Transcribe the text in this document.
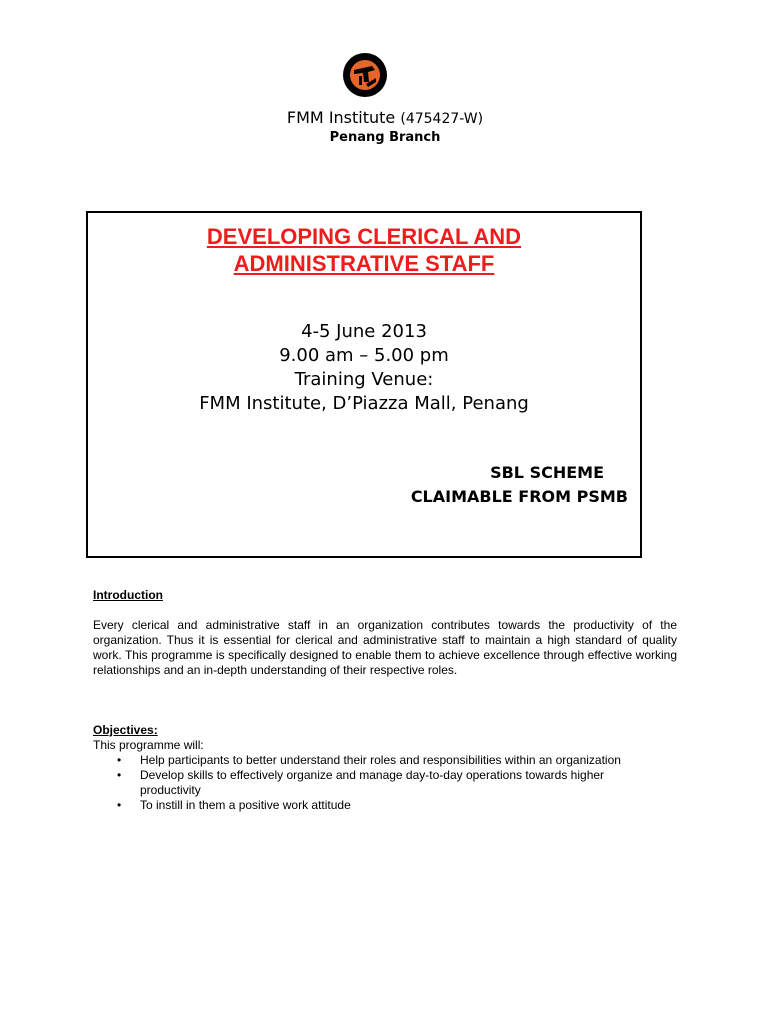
FMM Institute (475427-W)
Penang Branch
DEVELOPING CLERICAL AND
ADMINISTRATIVE STAFF
4-5 June 2013
9.00 am – 5.00 pm
Training Venue:
FMM Institute, D’Piazza Mall, Penang
SBL SCHEME
CLAIMABLE FROM PSMB
Introduction
Every clerical and administrative staff in an organization contributes towards the productivity of the organization. Thus it is essential for clerical and administrative staff to maintain a high standard of quality work. This programme is specifically designed to enable them to achieve excellence through effective working relationships and an in-depth understanding of their respective roles.
Objectives:
This programme will:
• Help participants to better understand their roles and responsibilities within an organization
• Develop skills to effectively organize and manage day-to-day operations towards higher productivity
• To instill in them a positive work attitude
